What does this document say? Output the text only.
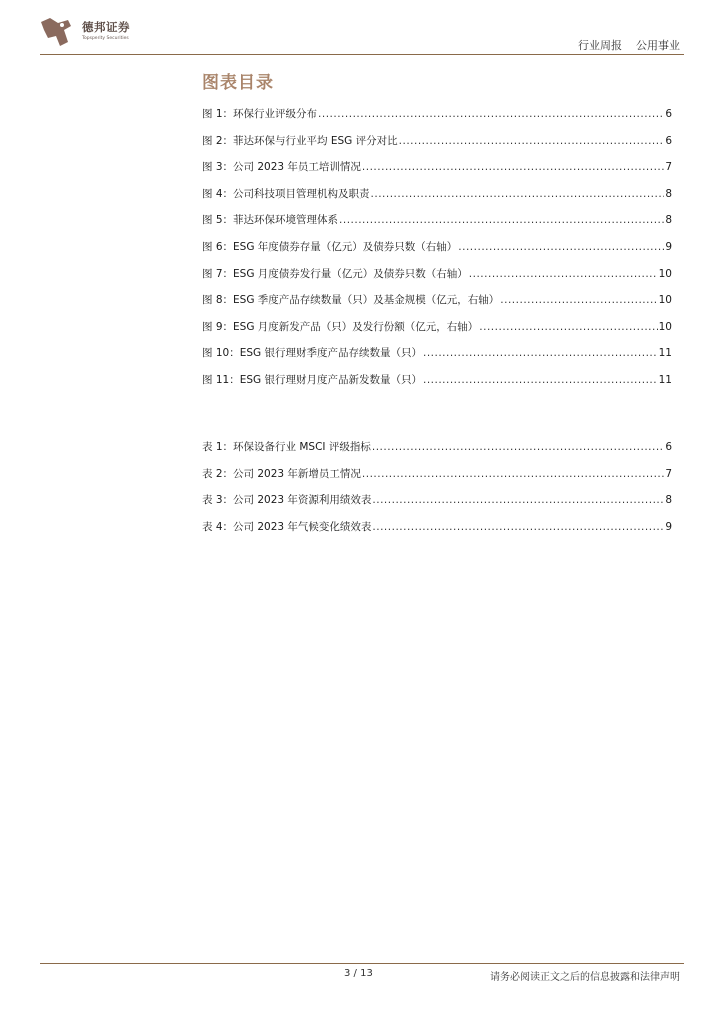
德邦证券
Topsperity Securities
行业周报 公用事业
图表目录
图 1：环保行业评级分布 .....	6
图 2：菲达环保与行业平均 ESG 评分对比 .....	6
图 3：公司 2023 年员工培训情况 .....	7
图 4：公司科技项目管理机构及职责 .....	8
图 5：菲达环保环境管理体系 .....	8
图 6：ESG 年度债券存量（亿元）及债券只数（右轴） .....	9
图 7：ESG 月度债券发行量（亿元）及债券只数（右轴） .....	10
图 8：ESG 季度产品存续数量（只）及基金规模（亿元，右轴） .....	10
图 9：ESG 月度新发产品（只）及发行份额（亿元，右轴） .....	10
图 10：ESG 银行理财季度产品存续数量（只） .....	11
图 11：ESG 银行理财月度产品新发数量（只） .....	11
表 1：环保设备行业 MSCI 评级指标 .....	6
表 2：公司 2023 年新增员工情况 .....	7
表 3：公司 2023 年资源利用绩效表 .....	8
表 4：公司 2023 年气候变化绩效表 .....	9
3 / 13	请务必阅读正文之后的信息披露和法律声明
